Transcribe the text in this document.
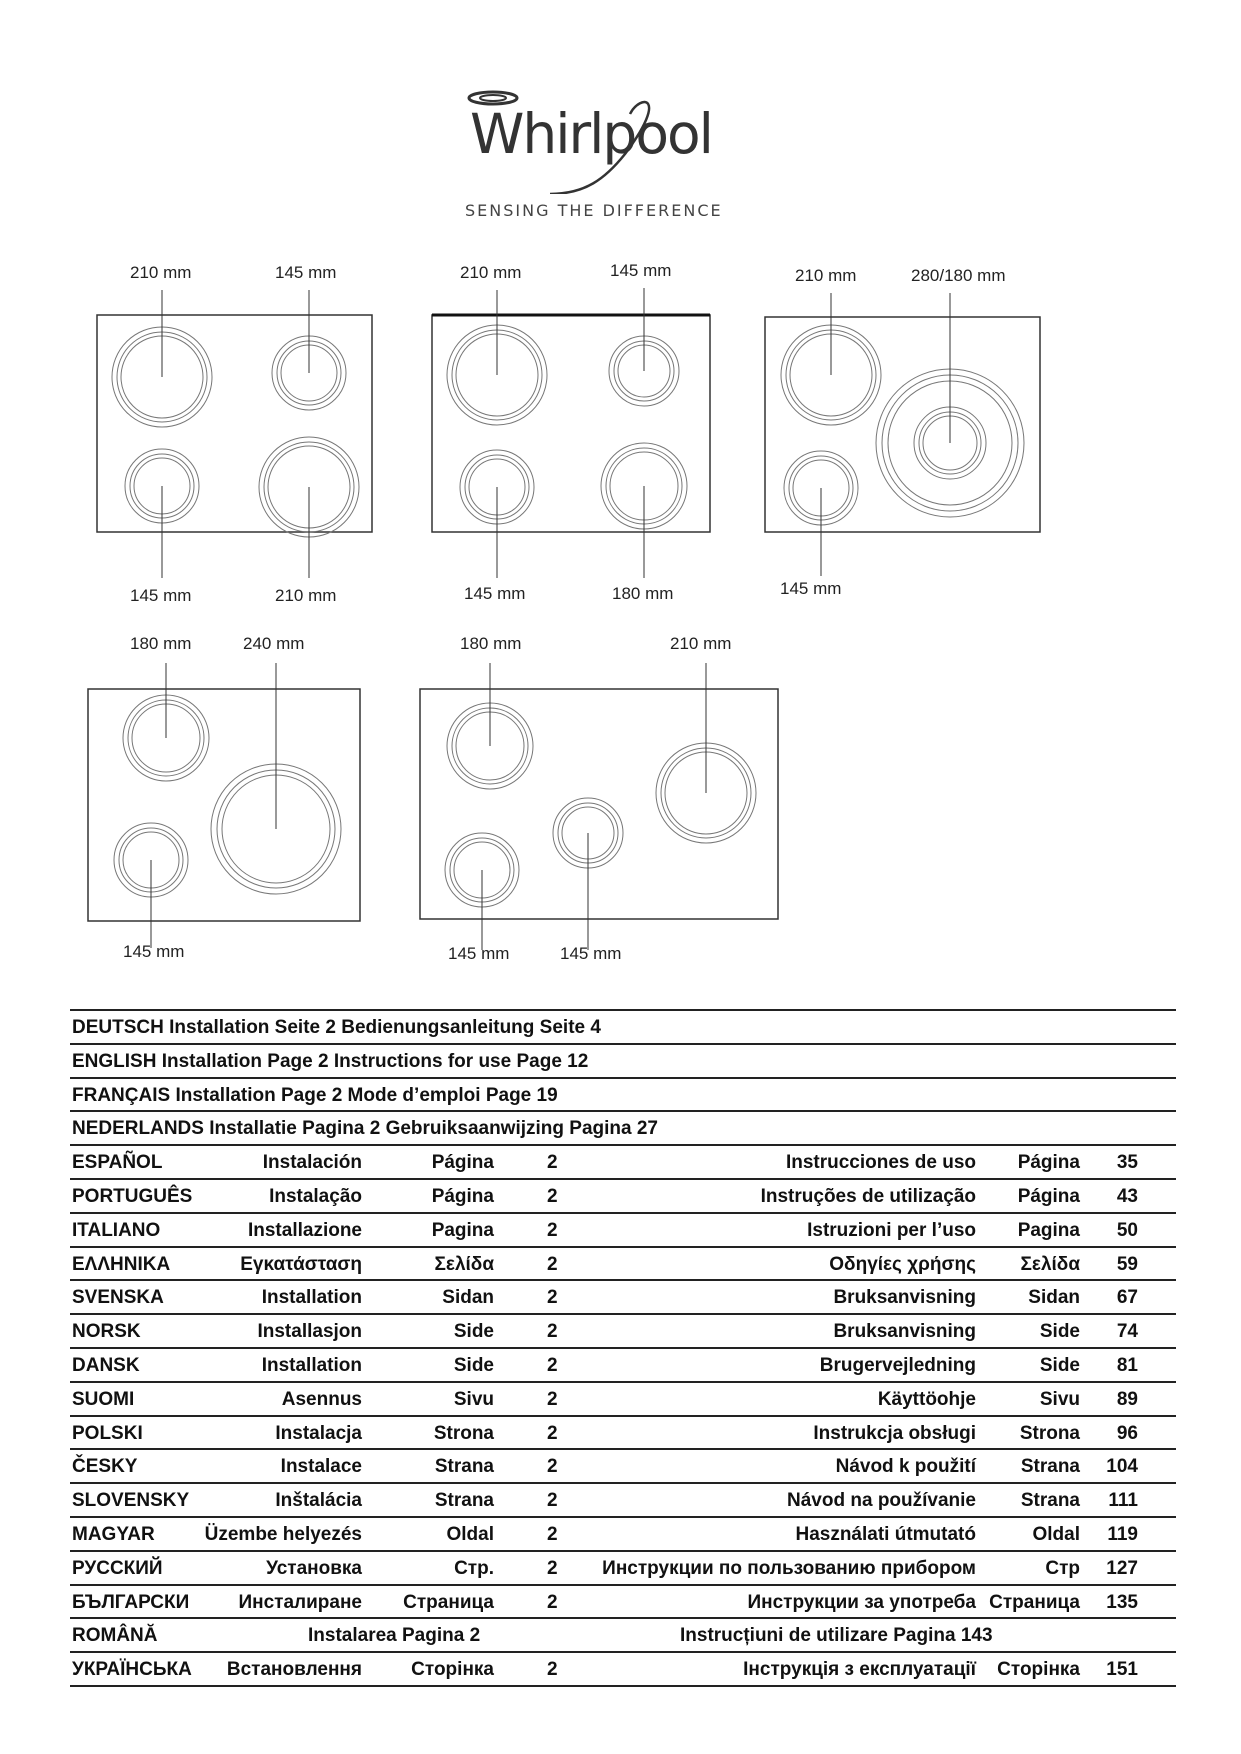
Whirlpool
SENSING THE DIFFERENCE
210 mm	145 mm
145 mm	210 mm
210 mm	145 mm
145 mm	180 mm
210 mm	280/180 mm
145 mm
180 mm	240 mm
145 mm
180 mm	210 mm
145 mm	145 mm
DEUTSCH Installation Seite 2 Bedienungsanleitung Seite 4
ENGLISH Installation Page 2 Instructions for use Page 12
FRANÇAIS Installation Page 2 Mode d’emploi Page 19
NEDERLANDS Installatie Pagina 2 Gebruiksaanwijzing Pagina 27
ESPAÑOL	Instalación	Página	2	Instrucciones de uso Página 35
PORTUGUÊS	Instalação	Página	2	Instruções de utilização Página 43
ITALIANO	Installazione	Pagina	2	Istruzioni per l’uso Pagina 50
ΕΛΛΗΝΙΚΑ	Εγκατάσταση	Σελίδα	2	Οδηγίες χρήσης Σελίδα 59
SVENSKA	Installation	Sidan	2	Bruksanvisning	Sidan 67
NORSK	Installasjon	Side	2	Bruksanvisning	Side 74
DANSK	Installation	Side	2	Brugervejledning	Side 81
SUOMI	Asennus	Sivu	2	Käyttöohje	Sivu 89
POLSKI	Instalacja	Strona	2	Instrukcja obsługi Strona 96
ČESKY	Instalace	Strana	2	Návod k použití Strana 104
SLOVENSKY	Inštalácia	Strana	2	Návod na používanie Strana 111
MAGYAR	Üzembe helyezés	Oldal	2	Használati útmutató	Oldal 119
РУССКИЙ	Установка	Стр.	2 Инструкции по пользованию прибором	Стр 127
БЪЛГАРСКИ	Инсталиране Страница	2	Инструкции за употреба Страница 135
ROMÂNĂ	Instalarea Pagina 2	Instrucțiuni de utilizare Pagina 143
УКРАЇНСЬКА Встановлення	Сторінка	2	Інструкція з експлуатації Сторінка 151
